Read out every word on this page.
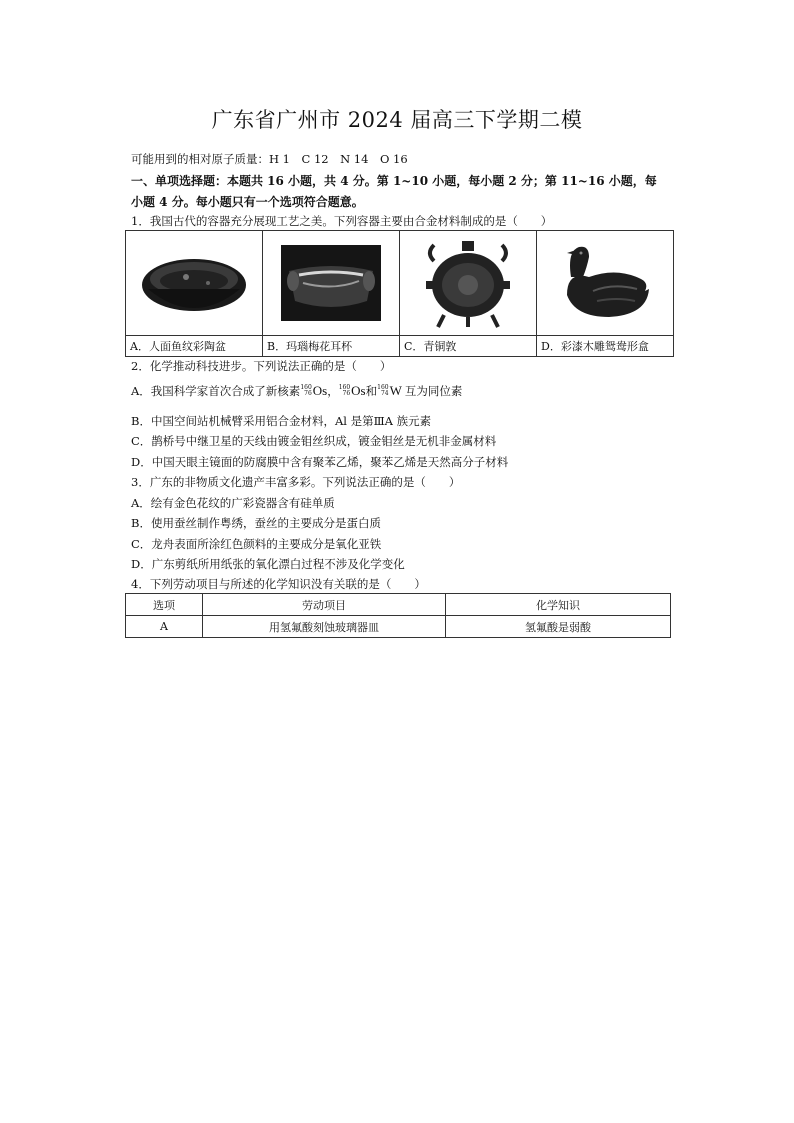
广东省广州市 2024 届高三下学期二模
可能用到的相对原子质量：H 1　C 12　N 14　O 16
一、单项选择题：本题共 16 小题，共 4 分。第 1~10 小题，每小题 2 分；第 11~16 小题，每
小题 4 分。每小题只有一个选项符合题意。
1．我国古代的容器充分展现工艺之美。下列容器主要由合金材料制成的是（　　）

A．人面鱼纹彩陶盆	B．玛瑙梅花耳杯	C．青铜敦	D．彩漆木雕鸳鸯形盒
2．化学推动科技进步。下列说法正确的是（　　）
A．我国科学家首次合成了新核素 160
76 Os ， 160
76 Os 和 160
74 W 互为同位素
B．中国空间站机械臂采用铝合金材料，Al 是第ⅢA 族元素
C．鹊桥号中继卫星的天线由镀金钼丝织成，镀金钼丝是无机非金属材料
D．中国天眼主镜面的防腐膜中含有聚苯乙烯，聚苯乙烯是天然高分子材料
3．广东的非物质文化遗产丰富多彩。下列说法正确的是（　　）
A．绘有金色花纹的广彩瓷器含有硅单质
B．使用蚕丝制作粤绣，蚕丝的主要成分是蛋白质
C．龙舟表面所涂红色颜料的主要成分是氧化亚铁
D．广东剪纸所用纸张的氧化漂白过程不涉及化学变化
4．下列劳动项目与所述的化学知识没有关联的是（　　）
选项	劳动项目	化学知识
A	用氢氟酸刻蚀玻璃器皿	氢氟酸是弱酸
